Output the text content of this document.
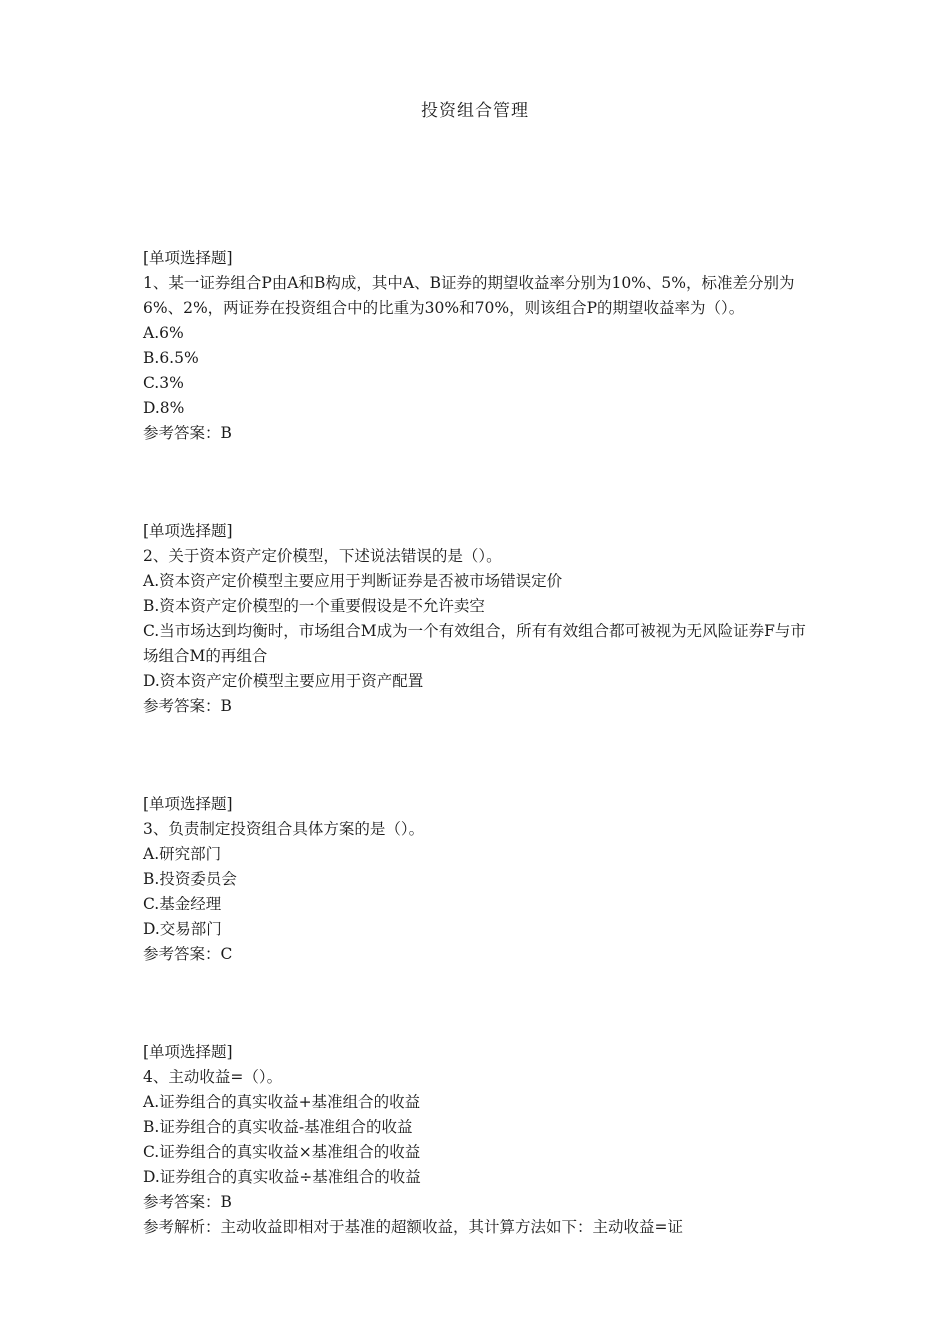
投资组合管理
[单项选择题]
1、某一证券组合P由A和B构成，其中A、B证券的期望收益率分别为10%、5%，标准差分别为6%、2%，两证券在投资组合中的比重为30%和70%，则该组合P的期望收益率为（）。
A.6%
B.6.5%
C.3%
D.8%
参考答案：B
[单项选择题]
2、关于资本资产定价模型，下述说法错误的是（）。
A.资本资产定价模型主要应用于判断证券是否被市场错误定价
B.资本资产定价模型的一个重要假设是不允许卖空
C.当市场达到均衡时，市场组合M成为一个有效组合，所有有效组合都可被视为无风险证券F与市场组合M的再组合
D.资本资产定价模型主要应用于资产配置
参考答案：B
[单项选择题]
3、负责制定投资组合具体方案的是（）。
A.研究部门
B.投资委员会
C.基金经理
D.交易部门
参考答案：C
[单项选择题]
4、主动收益=（）。
A.证券组合的真实收益+基准组合的收益
B.证券组合的真实收益-基准组合的收益
C.证券组合的真实收益×基准组合的收益
D.证券组合的真实收益÷基准组合的收益
参考答案：B
参考解析：主动收益即相对于基准的超额收益，其计算方法如下：主动收益=证
